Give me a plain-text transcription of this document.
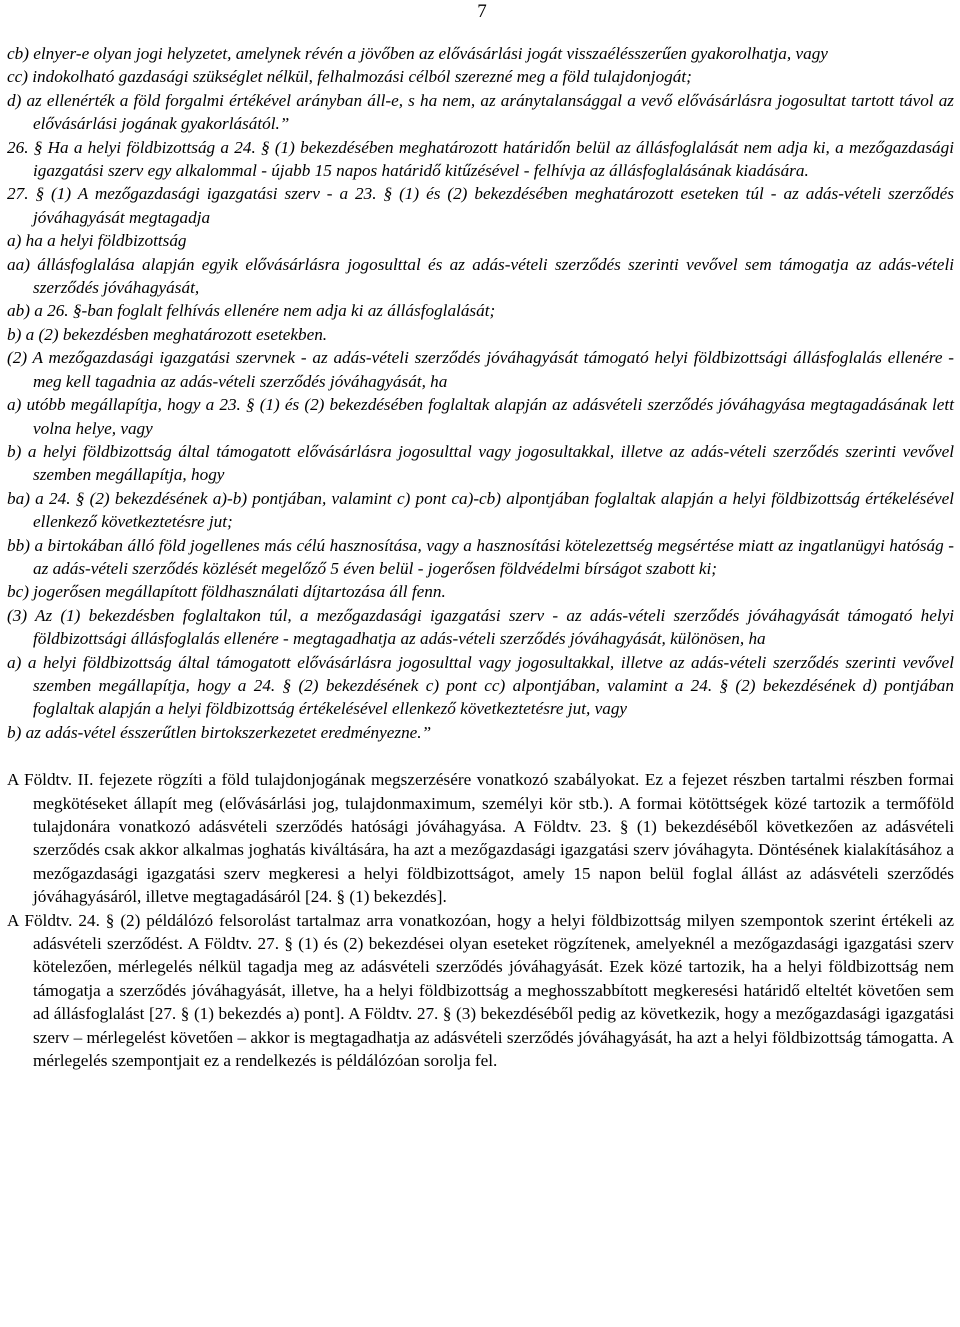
7

cb) elnyer-e olyan jogi helyzetet, amelynek révén a jövőben az elővásárlási jogát visszaélésszerűen gyakorolhatja, vagy

cc) indokolható gazdasági szükséglet nélkül, felhalmozási célból szerezné meg a föld tulajdonjogát;

d) az ellenérték a föld forgalmi értékével arányban áll-e, s ha nem, az aránytalansággal a vevő elővásárlásra jogosultat tartott távol az elővásárlási jogának gyakorlásától.”

26. § Ha a helyi földbizottság a 24. § (1) bekezdésében meghatározott határidőn belül az állásfoglalását nem adja ki, a mezőgazdasági igazgatási szerv egy alkalommal - újabb 15 napos határidő kitűzésével - felhívja az állásfoglalásának kiadására.

27. § (1) A mezőgazdasági igazgatási szerv - a 23. § (1) és (2) bekezdésében meghatározott eseteken túl - az adás-vételi szerződés jóváhagyását megtagadja

a) ha a helyi földbizottság

aa) állásfoglalása alapján egyik elővásárlásra jogosulttal és az adás-vételi szerződés szerinti vevővel sem támogatja az adás-vételi szerződés jóváhagyását,

ab) a 26. §-ban foglalt felhívás ellenére nem adja ki az állásfoglalását;

b) a (2) bekezdésben meghatározott esetekben.

(2) A mezőgazdasági igazgatási szervnek - az adás-vételi szerződés jóváhagyását támogató helyi földbizottsági állásfoglalás ellenére - meg kell tagadnia az adás-vételi szerződés jóváhagyását, ha

a) utóbb megállapítja, hogy a 23. § (1) és (2) bekezdésében foglaltak alapján az adásvételi szerződés jóváhagyása megtagadásának lett volna helye, vagy

b) a helyi földbizottság által támogatott elővásárlásra jogosulttal vagy jogosultakkal, illetve az adás-vételi szerződés szerinti vevővel szemben megállapítja, hogy

ba) a 24. § (2) bekezdésének a)-b) pontjában, valamint c) pont ca)-cb) alpontjában foglaltak alapján a helyi földbizottság értékelésével ellenkező következtetésre jut;

bb) a birtokában álló föld jogellenes más célú hasznosítása, vagy a hasznosítási kötelezettség megsértése miatt az ingatlanügyi hatóság - az adás-vételi szerződés közlését megelőző 5 éven belül - jogerősen földvédelmi bírságot szabott ki;

bc) jogerősen megállapított földhasználati díjtartozása áll fenn.

(3) Az (1) bekezdésben foglaltakon túl, a mezőgazdasági igazgatási szerv - az adás-vételi szerződés jóváhagyását támogató helyi földbizottsági állásfoglalás ellenére - megtagadhatja az adás-vételi szerződés jóváhagyását, különösen, ha

a) a helyi földbizottság által támogatott elővásárlásra jogosulttal vagy jogosultakkal, illetve az adás-vételi szerződés szerinti vevővel szemben megállapítja, hogy a 24. § (2) bekezdésének c) pont cc) alpontjában, valamint a 24. § (2) bekezdésének d) pontjában foglaltak alapján a helyi földbizottság értékelésével ellenkező következtetésre jut, vagy

b) az adás-vétel ésszerűtlen birtokszerkezetet eredményezne.”

A Földtv. II. fejezete rögzíti a föld tulajdonjogának megszerzésére vonatkozó szabályokat. Ez a fejezet részben tartalmi részben formai megkötéseket állapít meg (elővásárlási jog, tulajdonmaximum, személyi kör stb.). A formai kötöttségek közé tartozik a termőföld tulajdonára vonatkozó adásvételi szerződés hatósági jóváhagyása. A Földtv. 23. § (1) bekezdéséből következően az adásvételi szerződés csak akkor alkalmas joghatás kiváltására, ha azt a mezőgazdasági igazgatási szerv jóváhagyta. Döntésének kialakításához a mezőgazdasági igazgatási szerv megkeresi a helyi földbizottságot, amely 15 napon belül foglal állást az adásvételi szerződés jóváhagyásáról, illetve megtagadásáról [24. § (1) bekezdés].

A Földtv. 24. § (2) példálózó felsorolást tartalmaz arra vonatkozóan, hogy a helyi földbizottság milyen szempontok szerint értékeli az adásvételi szerződést. A Földtv. 27. § (1) és (2) bekezdései olyan eseteket rögzítenek, amelyeknél a mezőgazdasági igazgatási szerv kötelezően, mérlegelés nélkül tagadja meg az adásvételi szerződés jóváhagyását. Ezek közé tartozik, ha a helyi földbizottság nem támogatja a szerződés jóváhagyását, illetve, ha a helyi földbizottság a meghosszabbított megkeresési határidő elteltét követően sem ad állásfoglalást [27. § (1) bekezdés a) pont]. A Földtv. 27. § (3) bekezdéséből pedig az következik, hogy a mezőgazdasági igazgatási szerv – mérlegelést követően – akkor is megtagadhatja az adásvételi szerződés jóváhagyását, ha azt a helyi földbizottság támogatta. A mérlegelés szempontjait ez a rendelkezés is példálózóan sorolja fel.
